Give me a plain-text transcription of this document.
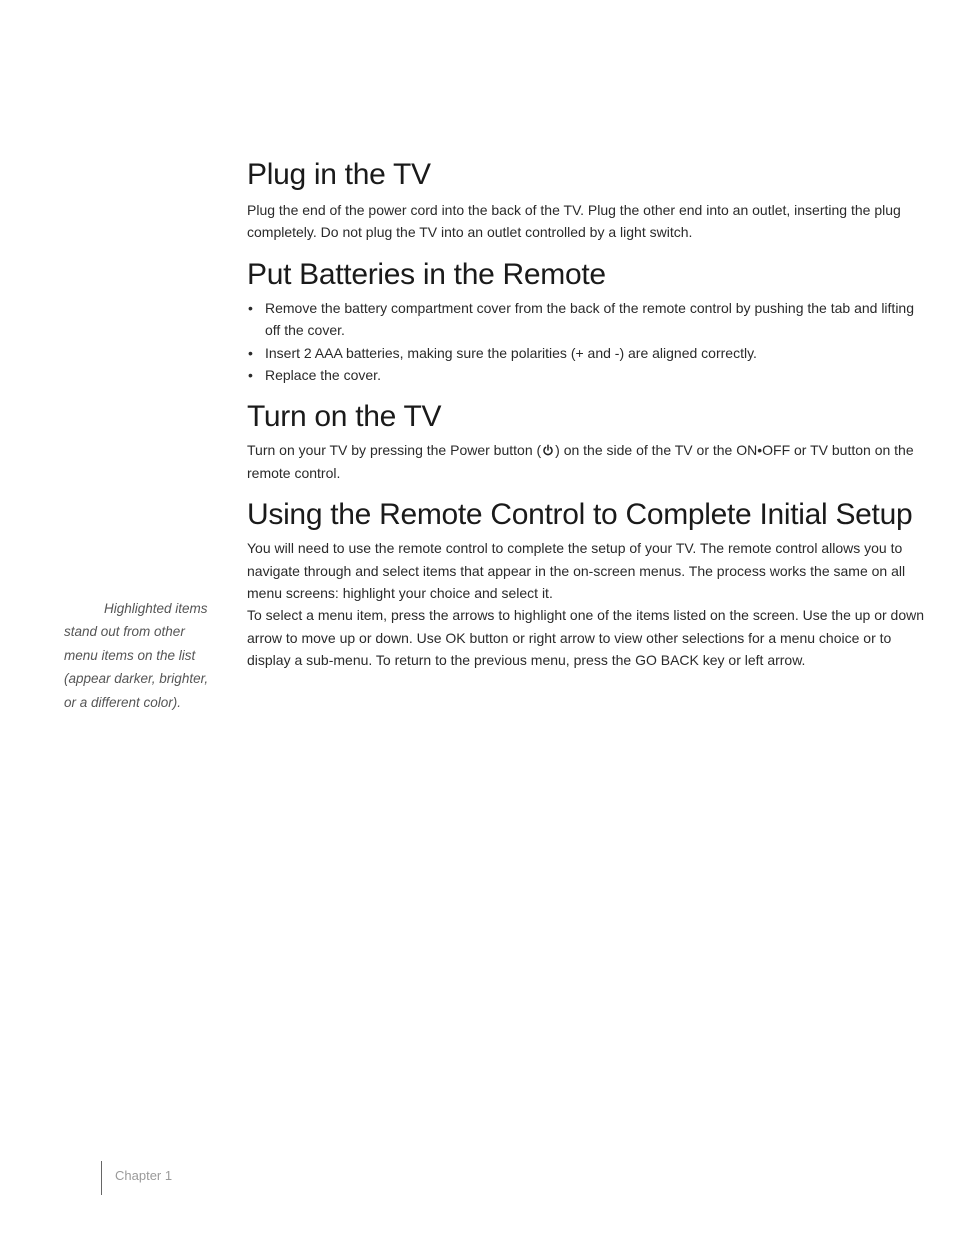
Plug in the TV

Plug the end of the power cord into the back of the TV. Plug the other end into an outlet, inserting the plug completely. Do not plug the TV into an outlet controlled by a light switch.

Put Batteries in the Remote
• Remove the battery compartment cover from the back of the remote control by pushing the tab and lifting off the cover.
• Insert 2 AAA batteries, making sure the polarities (+ and -) are aligned correctly.
• Replace the cover.
Turn on the TV

Turn on your TV by pressing the Power button ( ) on the side of the TV or the ON•OFF or TV button on the remote control.

Using the Remote Control to Complete Initial Setup

You will need to use the remote control to complete the setup of your TV. The remote control allows you to navigate through and select items that appear in the on-screen menus. The process works the same on all menu screens: highlight your choice and select it.

To select a menu item, press the arrows to highlight one of the items listed on the screen. Use the up or down arrow to move up or down. Use OK button or right arrow to view other selections for a menu choice or to display a sub-menu. To return to the previous menu, press the GO BACK key or left arrow.

Highlighted items stand out from other menu items on the list (appear darker, brighter, or a different color).
Chapter 1
